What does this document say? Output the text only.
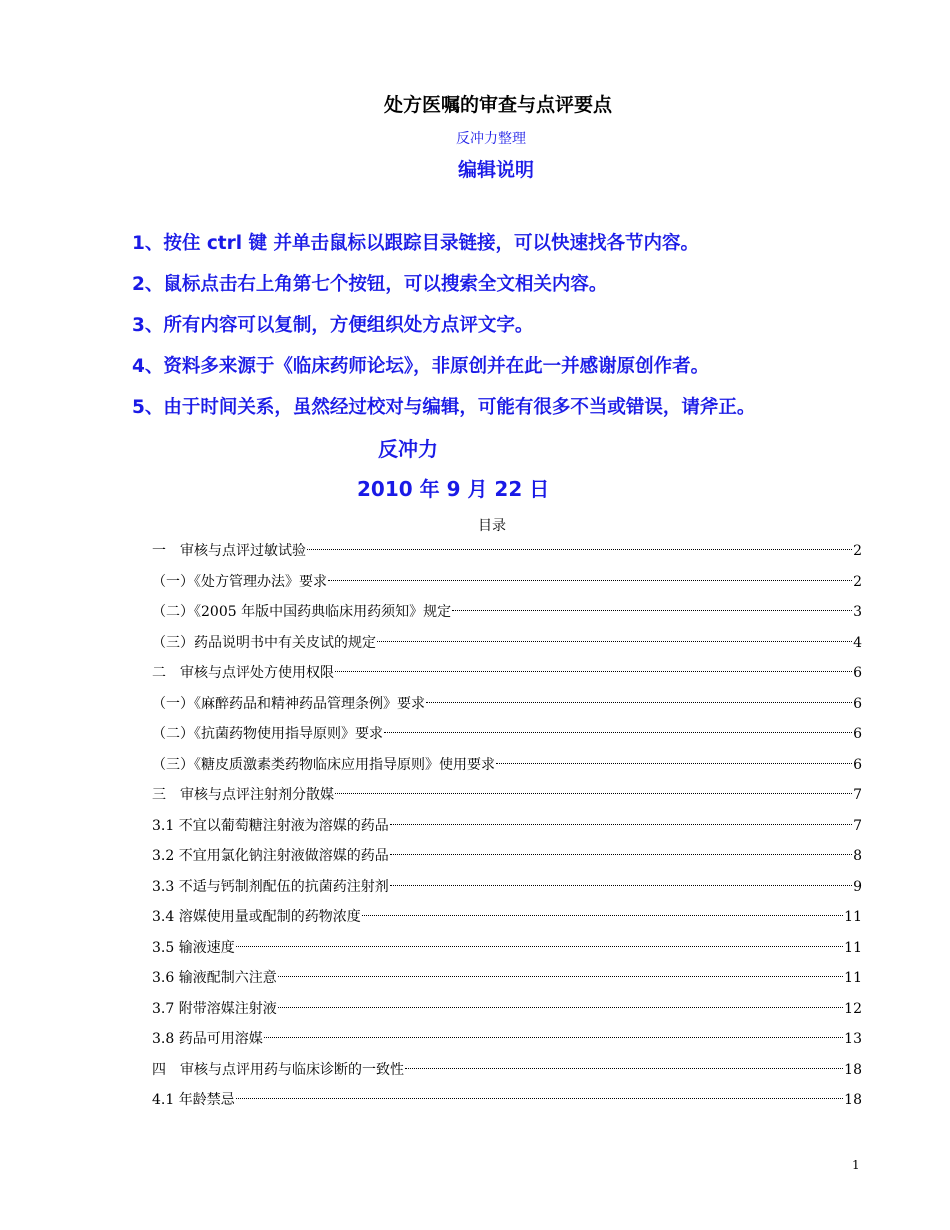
处方医嘱的审查与点评要点
反冲力整理
编辑说明
1、按住 ctrl 键 并单击鼠标以跟踪目录链接，可以快速找各节内容。
2、鼠标点击右上角第七个按钮，可以搜索全文相关内容。
3、所有内容可以复制，方便组织处方点评文字。
4、资料多来源于《临床药师论坛》，非原创并在此一并感谢原创作者。
5、由于时间关系，虽然经过校对与编辑，可能有很多不当或错误，请斧正。
反冲力
2010 年 9 月 22 日
目录
一　审核与点评过敏试验	2
（一）《处方管理办法》要求	2
（二）《2005 年版中国药典临床用药须知》规定	3
（三）药品说明书中有关皮试的规定	4
二　审核与点评处方使用权限	6
（一）《麻醉药品和精神药品管理条例》要求	6
（二）《抗菌药物使用指导原则》要求	6
（三）《糖皮质激素类药物临床应用指导原则》使用要求	6
三　审核与点评注射剂分散媒	7
3.1 不宜以葡萄糖注射液为溶媒的药品	7
3.2 不宜用氯化钠注射液做溶媒的药品	8
3.3 不适与钙制剂配伍的抗菌药注射剂	9
3.4 溶媒使用量或配制的药物浓度	11
3.5 输液速度	11
3.6 输液配制六注意	11
3.7 附带溶媒注射液	12
3.8 药品可用溶媒	13
四　审核与点评用药与临床诊断的一致性	18
4.1 年龄禁忌	18
1
